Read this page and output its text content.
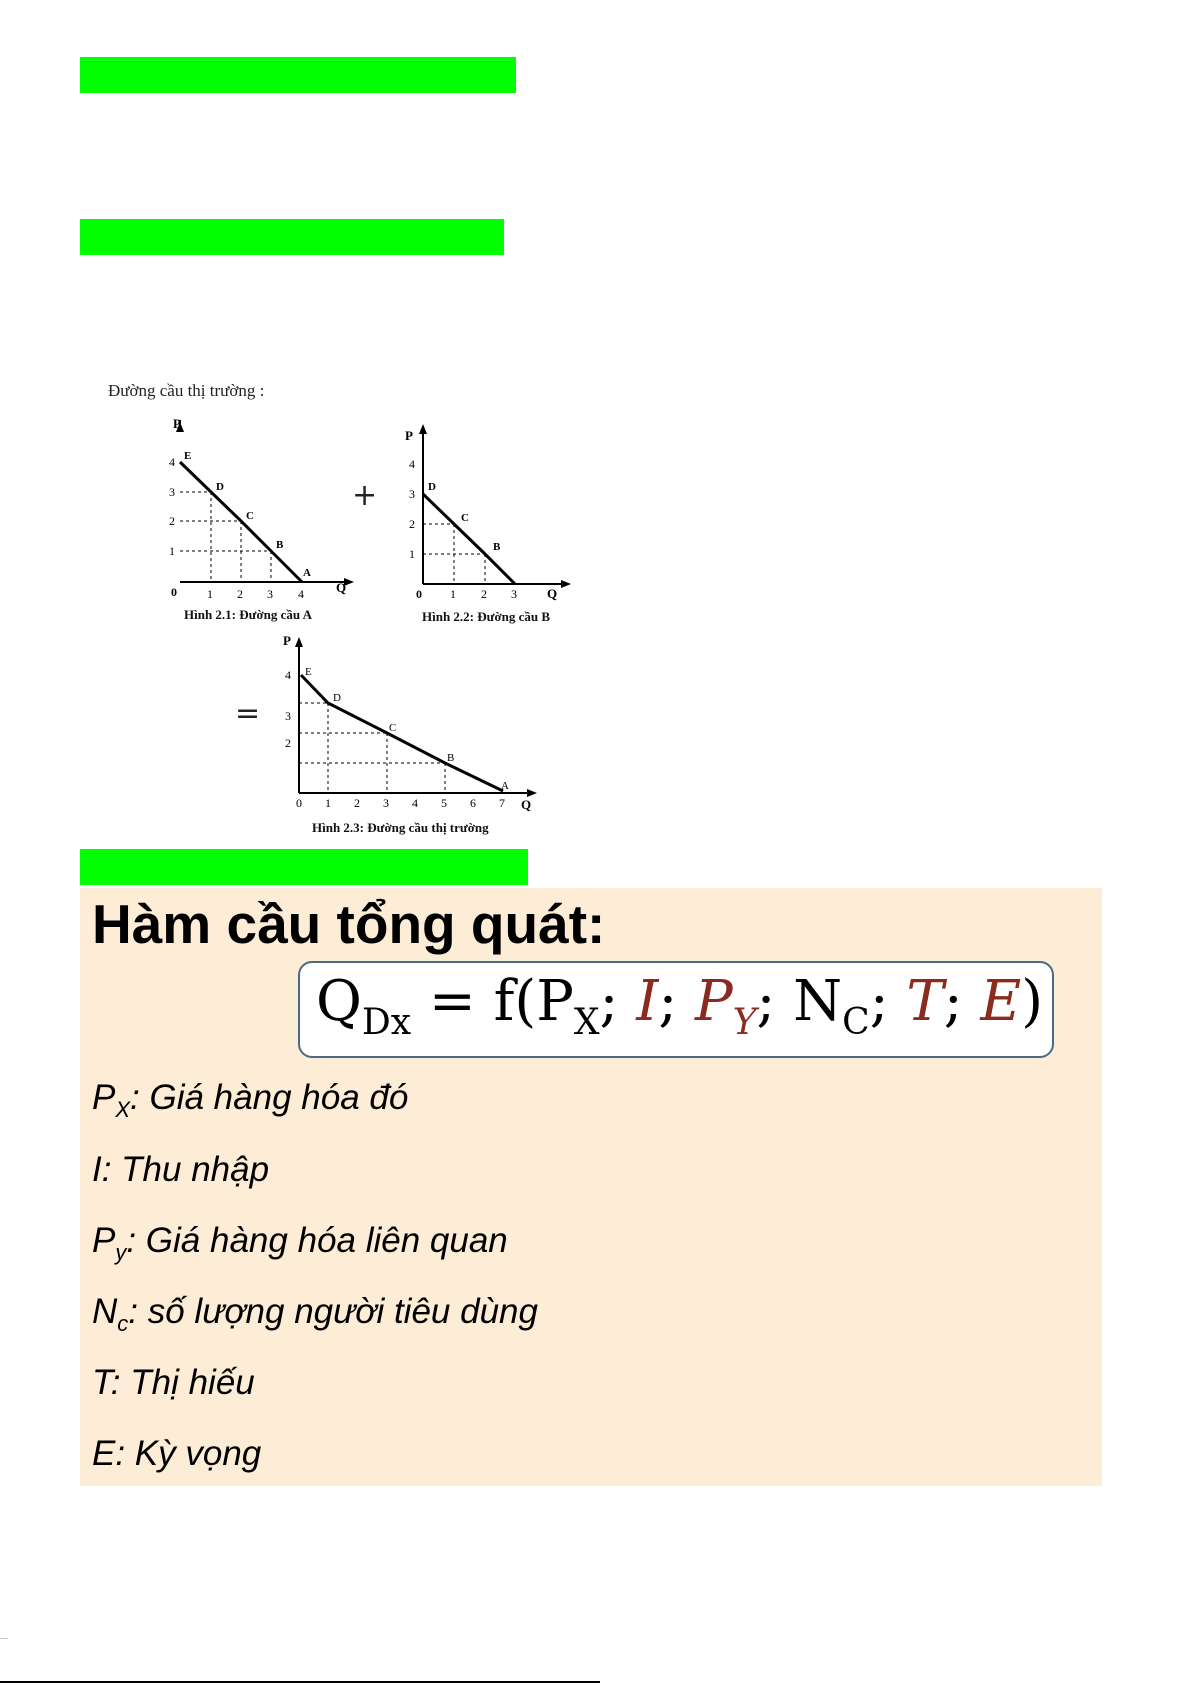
Đường cầu thị trường :
P
Q
0
4
3
2
1
1 2 3 4
E
D
C
B
A
Hình 2.1: Đường cầu A
+
P
Q
0
4
3
2
1
1 2 3
D
C
B
Hình 2.2: Đường cầu B
=
P
Q
0
4
3
2
1 2 3 4 5 6 7
E
D
C
B
A
Hình 2.3: Đường cầu thị trường
Hàm cầu tổng quát:
$Q_{Dx} = f(P_X$; I; $P_Y$; $N_C$; T; E)
$P_X$: Giá hàng hóa đó
I: Thu nhập
$P_y$: Giá hàng hóa liên quan
$N_c$: số lượng người tiêu dùng
T: Thị hiếu
E: Kỳ vọng
